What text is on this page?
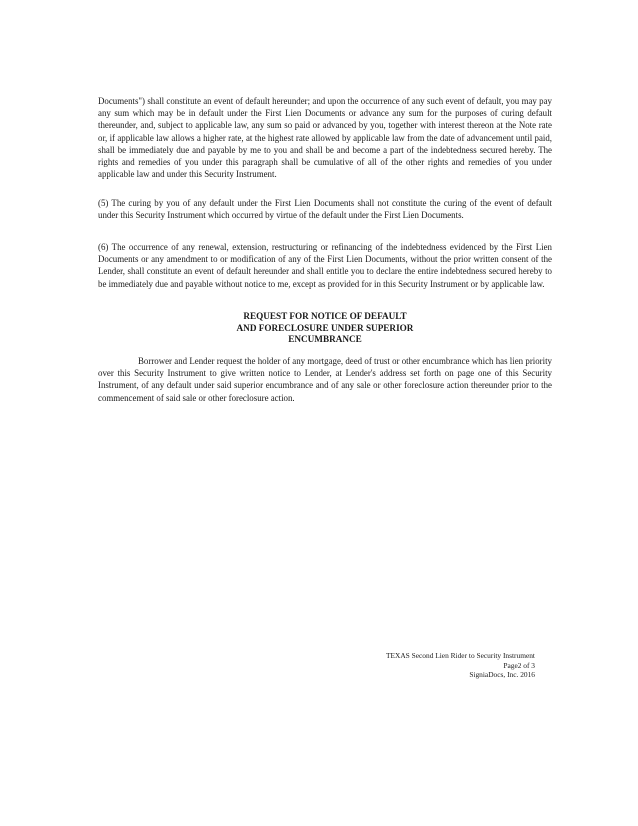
Documents") shall constitute an event of default hereunder; and upon the occurrence of any such event of default, you may pay any sum which may be in default under the First Lien Documents or advance any sum for the purposes of curing default thereunder, and, subject to applicable law, any sum so paid or advanced by you, together with interest thereon at the Note rate or, if applicable law allows a higher rate, at the highest rate allowed by applicable law from the date of advancement until paid, shall be immediately due and payable by me to you and shall be and become a part of the indebtedness secured hereby. The rights and remedies of you under this paragraph shall be cumulative of all of the other rights and remedies of you under applicable law and under this Security Instrument.

(5) The curing by you of any default under the First Lien Documents shall not constitute the curing of the event of default under this Security Instrument which occurred by virtue of the default under the First Lien Documents.

(6) The occurrence of any renewal, extension, restructuring or refinancing of the indebtedness evidenced by the First Lien Documents or any amendment to or modification of any of the First Lien Documents, without the prior written consent of the Lender, shall constitute an event of default hereunder and shall entitle you to declare the entire indebtedness secured hereby to be immediately due and payable without notice to me, except as provided for in this Security Instrument or by applicable law.

REQUEST FOR NOTICE OF DEFAULT
AND FORECLOSURE UNDER SUPERIOR
ENCUMBRANCE

Borrower and Lender request the holder of any mortgage, deed of trust or other encumbrance which has lien priority over this Security Instrument to give written notice to Lender, at Lender's address set forth on page one of this Security Instrument, of any default under said superior encumbrance and of any sale or other foreclosure action thereunder prior to the commencement of said sale or other foreclosure action.

TEXAS Second Lien Rider to Security Instrument
Page2 of 3
SigniaDocs, Inc. 2016
